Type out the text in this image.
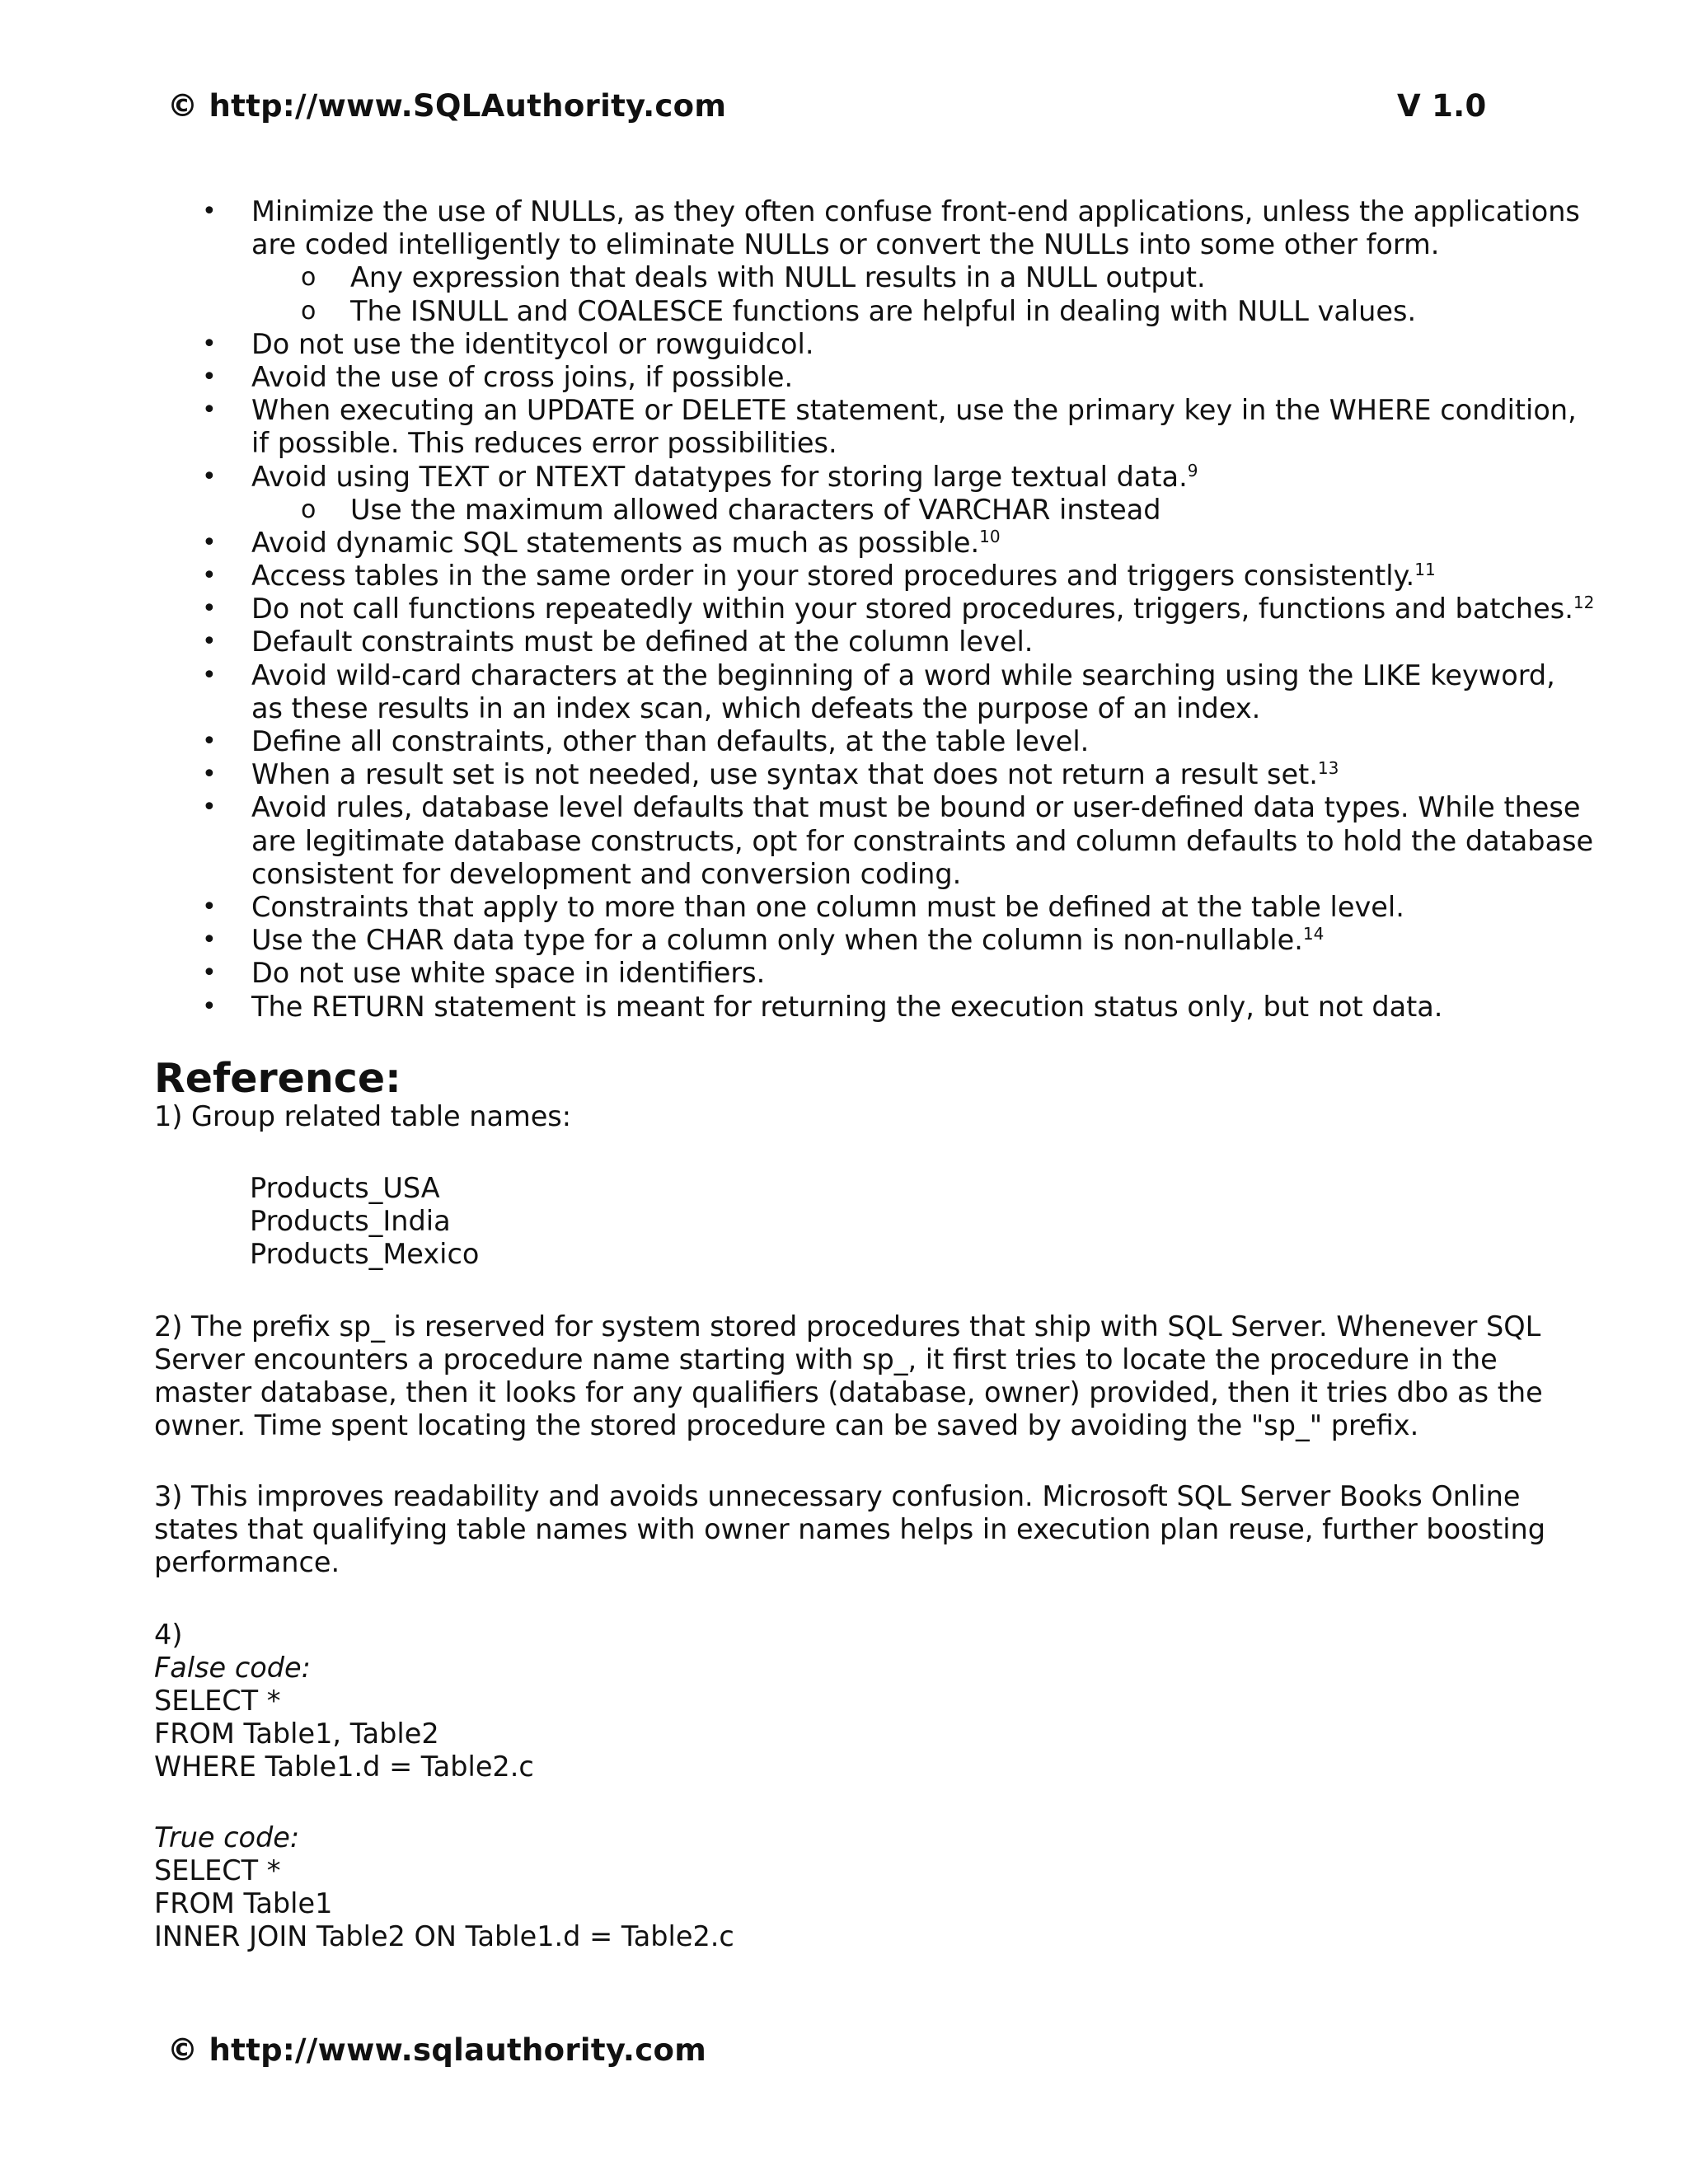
© http://www.SQLAuthority.com	V 1.0
• Minimize the use of NULLs, as they often confuse front-end applications, unless the applications
are coded intelligently to eliminate NULLs or convert the NULLs into some other form.
o Any expression that deals with NULL results in a NULL output.
o The ISNULL and COALESCE functions are helpful in dealing with NULL values.
• Do not use the identitycol or rowguidcol.
• Avoid the use of cross joins, if possible.
• When executing an UPDATE or DELETE statement, use the primary key in the WHERE condition,
if possible. This reduces error possibilities.
• Avoid using TEXT or NTEXT datatypes for storing large textual data.$^9$
o Use the maximum allowed characters of VARCHAR instead
• Avoid dynamic SQL statements as much as possible.$^{10}$
• Access tables in the same order in your stored procedures and triggers consistently.$^{11}$
• Do not call functions repeatedly within your stored procedures, triggers, functions and batches.$^{12}$
• Default constraints must be defined at the column level.
• Avoid wild-card characters at the beginning of a word while searching using the LIKE keyword,
as these results in an index scan, which defeats the purpose of an index.
• Define all constraints, other than defaults, at the table level.
• When a result set is not needed, use syntax that does not return a result set.$^{13}$
• Avoid rules, database level defaults that must be bound or user-defined data types. While these
are legitimate database constructs, opt for constraints and column defaults to hold the database
consistent for development and conversion coding.
• Constraints that apply to more than one column must be defined at the table level.
• Use the CHAR data type for a column only when the column is non-nullable.$^{14}$
• Do not use white space in identifiers.
• The RETURN statement is meant for returning the execution status only, but not data.
Reference:
1) Group related table names:
Products_USA
Products_India
Products_Mexico
2) The prefix sp_ is reserved for system stored procedures that ship with SQL Server. Whenever SQL
Server encounters a procedure name starting with sp_, it first tries to locate the procedure in the
master database, then it looks for any qualifiers (database, owner) provided, then it tries dbo as the
owner. Time spent locating the stored procedure can be saved by avoiding the "sp_" prefix.
3) This improves readability and avoids unnecessary confusion. Microsoft SQL Server Books Online
states that qualifying table names with owner names helps in execution plan reuse, further boosting
performance.
4)
False code:
SELECT *
FROM Table1, Table2
WHERE Table1.d = Table2.c
True code:
SELECT *
FROM Table1
INNER JOIN Table2 ON Table1.d = Table2.c
© http://www.sqlauthority.com
